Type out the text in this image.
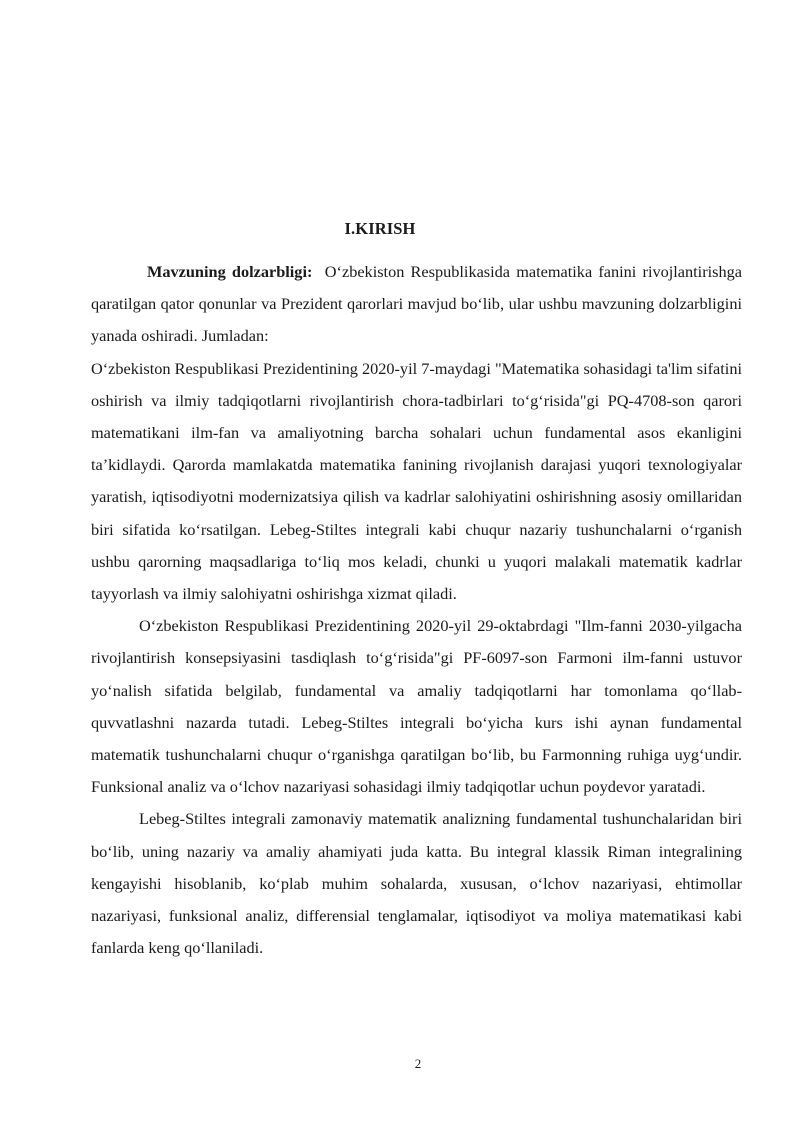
I.KIRISH

Mavzuning dolzarbligi:  O‘zbekiston Respublikasida matematika fanini rivojlantirishga qaratilgan qator qonunlar va Prezident qarorlari mavjud bo‘lib, ular ushbu mavzuning dolzarbligini yanada oshiradi. Jumladan:

O‘zbekiston Respublikasi Prezidentining 2020-yil 7-maydagi "Matematika sohasidagi ta'lim sifatini oshirish va ilmiy tadqiqotlarni rivojlantirish chora-tadbirlari to‘g‘risida"gi PQ-4708-son qarori matematikani ilm-fan va amaliyotning barcha sohalari uchun fundamental asos ekanligini ta’kidlaydi. Qarorda mamlakatda matematika fanining rivojlanish darajasi yuqori texnologiyalar yaratish, iqtisodiyotni modernizatsiya qilish va kadrlar salohiyatini oshirishning asosiy omillaridan biri sifatida ko‘rsatilgan. Lebeg-Stiltes integrali kabi chuqur nazariy tushunchalarni o‘rganish ushbu qarorning maqsadlariga to‘liq mos keladi, chunki u yuqori malakali matematik kadrlar tayyorlash va ilmiy salohiyatni oshirishga xizmat qiladi.

O‘zbekiston Respublikasi Prezidentining 2020-yil 29-oktabrdagi "Ilm-fanni 2030-yilgacha rivojlantirish konsepsiyasini tasdiqlash to‘g‘risida"gi PF-6097-son Farmoni ilm-fanni ustuvor yo‘nalish sifatida belgilab, fundamental va amaliy tadqiqotlarni har tomonlama qo‘llab-quvvatlashni nazarda tutadi. Lebeg-Stiltes integrali bo‘yicha kurs ishi aynan fundamental matematik tushunchalarni chuqur o‘rganishga qaratilgan bo‘lib, bu Farmonning ruhiga uyg‘undir. Funksional analiz va o‘lchov nazariyasi sohasidagi ilmiy tadqiqotlar uchun poydevor yaratadi.

Lebeg-Stiltes integrali zamonaviy matematik analizning fundamental tushunchalaridan biri bo‘lib, uning nazariy va amaliy ahamiyati juda katta. Bu integral klassik Riman integralining kengayishi hisoblanib, ko‘plab muhim sohalarda, xususan, o‘lchov nazariyasi, ehtimollar nazariyasi, funksional analiz, differensial tenglamalar, iqtisodiyot va moliya matematikasi kabi fanlarda keng qo‘llaniladi.

2
